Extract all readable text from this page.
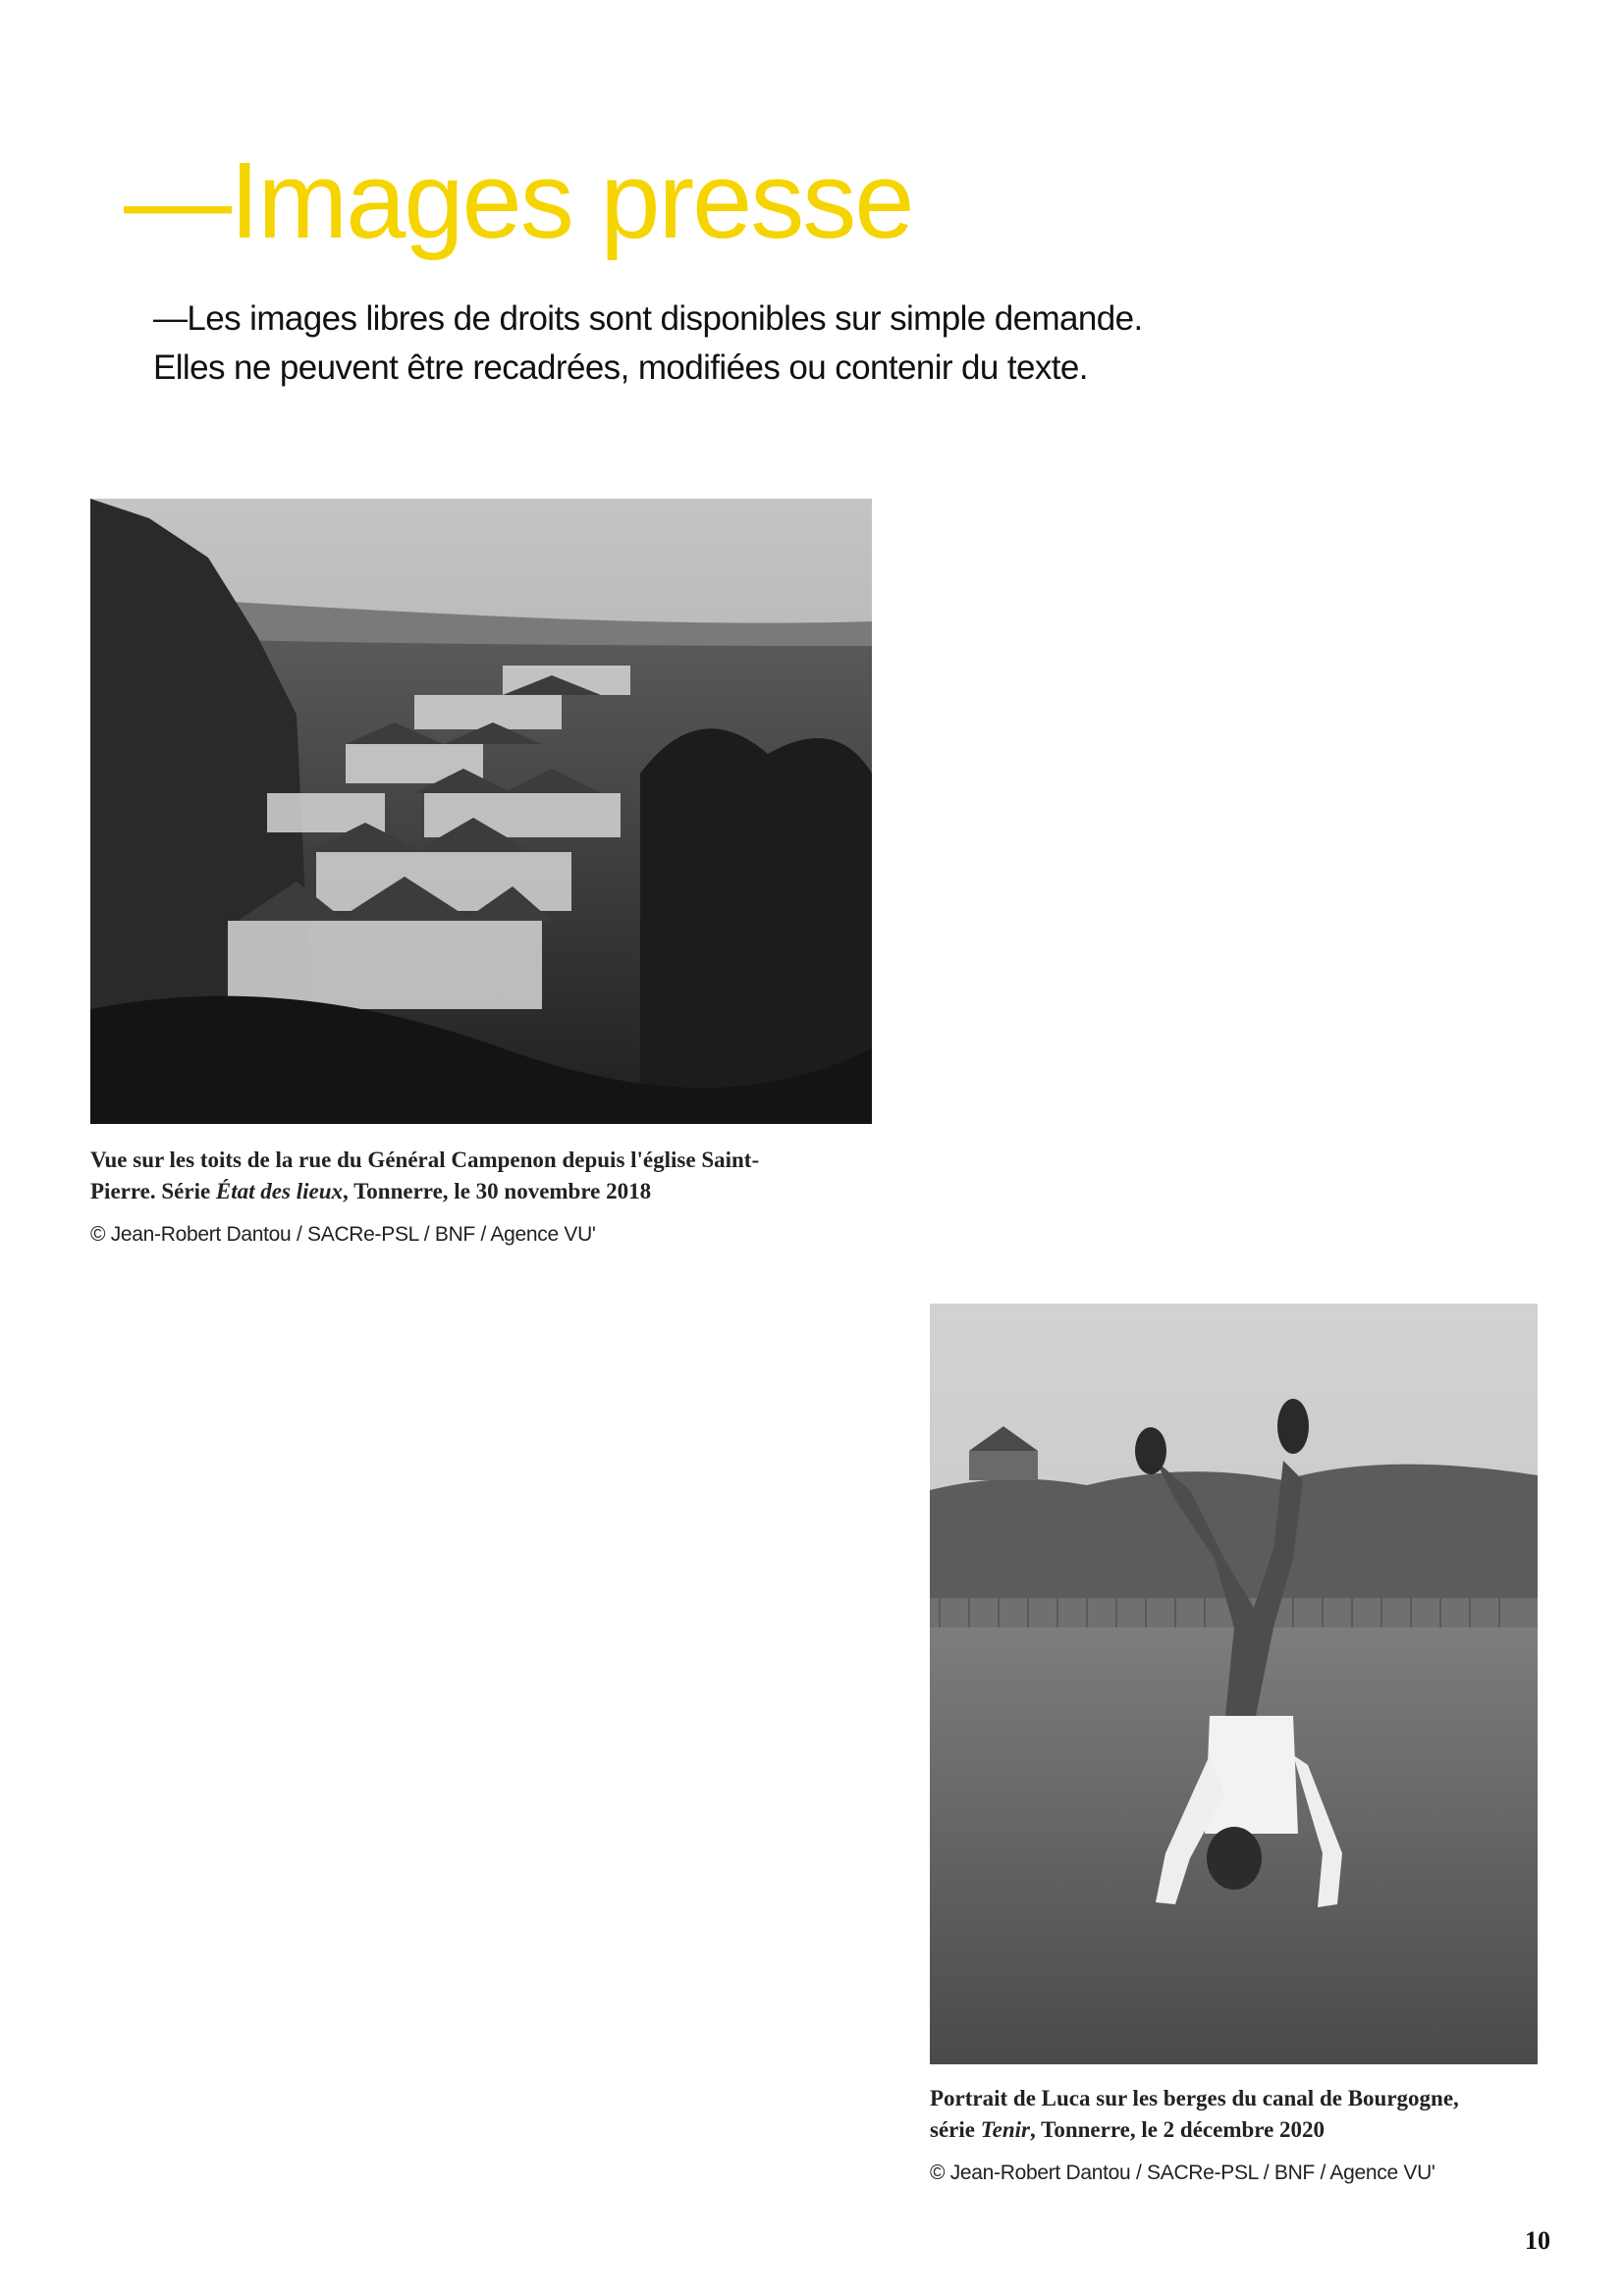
—Images presse

—Les images libres de droits sont disponibles sur simple demande.
Elles ne peuvent être recadrées, modifiées ou contenir du texte.

Vue sur les toits de la rue du Général Campenon depuis l'église Saint-
Pierre. Série État des lieux, Tonnerre, le 30 novembre 2018
© Jean-Robert Dantou / SACRe-PSL / BNF / Agence VU'
Portrait de Luca sur les berges du canal de Bourgogne,
série Tenir, Tonnerre, le 2 décembre 2020
© Jean-Robert Dantou / SACRe-PSL / BNF / Agence VU'
10
